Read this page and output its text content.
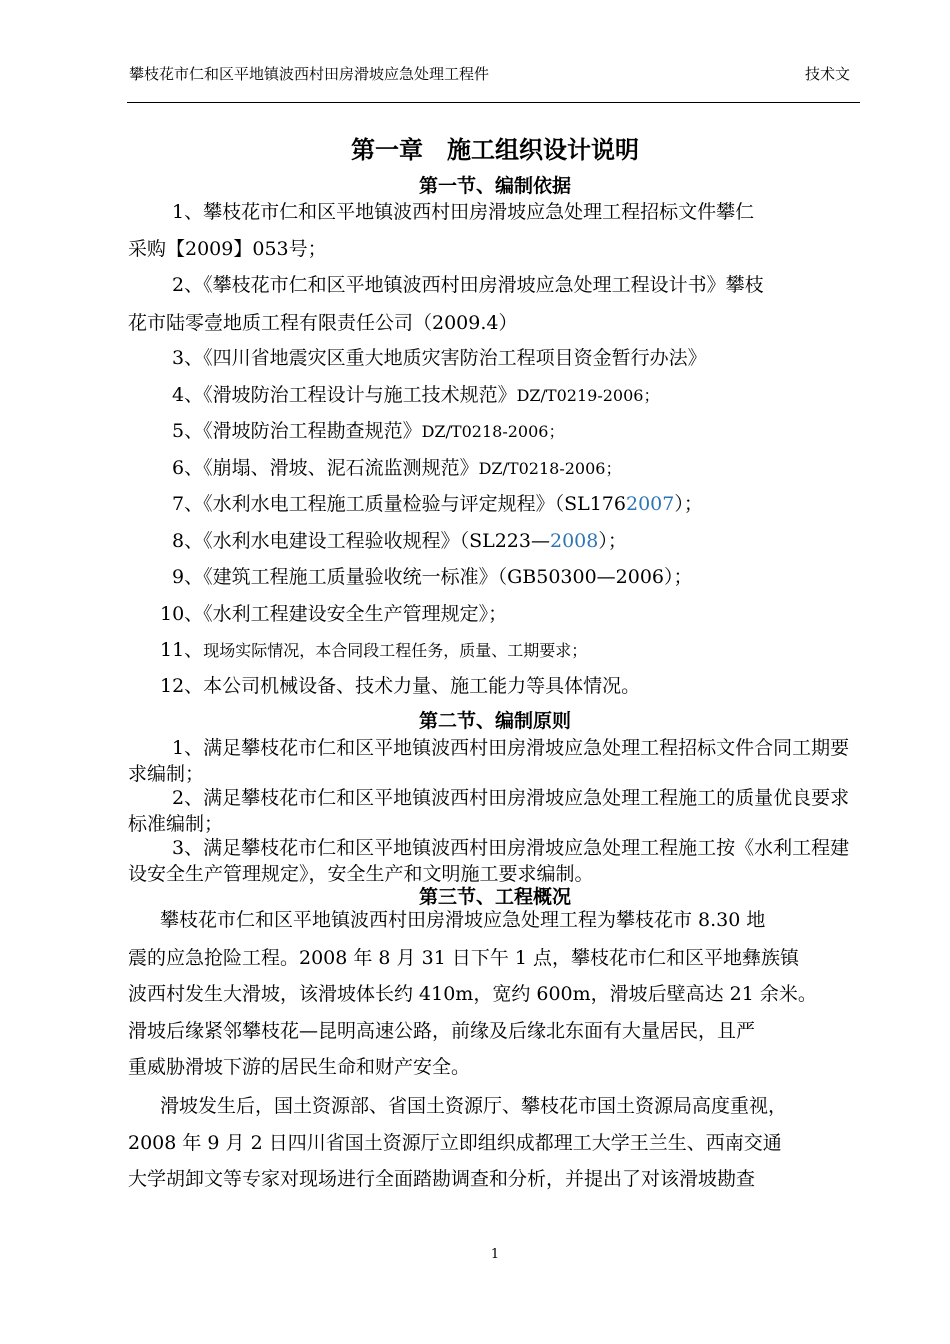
攀枝花市仁和区平地镇波西村田房滑坡应急处理工程件	技术文
第一章　施工组织设计说明
第一节、编制依据
1、攀枝花市仁和区平地镇波西村田房滑坡应急处理工程招标文件攀仁
采购【2009】053号；
2、《攀枝花市仁和区平地镇波西村田房滑坡应急处理工程设计书》攀枝
花市陆零壹地质工程有限责任公司（2009.4）
3、《四川省地震灾区重大地质灾害防治工程项目资金暂行办法》
4、《滑坡防治工程设计与施工技术规范》DZ/T0219-2006；
5、《滑坡防治工程勘查规范》DZ/T0218-2006；
6、《崩塌、滑坡、泥石流监测规范》DZ/T0218-2006；
7、《水利水电工程施工质量检验与评定规程》（SL1762007）；
8、《水利水电建设工程验收规程》（SL223—2008）；
9、《建筑工程施工质量验收统一标准》（GB50300—2006）；
10、《水利工程建设安全生产管理规定》；
11、现场实际情况，本合同段工程任务，质量、工期要求；
12、本公司机械设备、技术力量、施工能力等具体情况。
第二节、编制原则
1、满足攀枝花市仁和区平地镇波西村田房滑坡应急处理工程招标文件合同工期要求编制；
2、满足攀枝花市仁和区平地镇波西村田房滑坡应急处理工程施工的质量优良要求标准编制；
3、满足攀枝花市仁和区平地镇波西村田房滑坡应急处理工程施工按《水利工程建设安全生产管理规定》，安全生产和文明施工要求编制。
第三节、工程概况
攀枝花市仁和区平地镇波西村田房滑坡应急处理工程为攀枝花市 8.30 地
震的应急抢险工程。2008 年 8 月 31 日下午 1 点，攀枝花市仁和区平地彝族镇
波西村发生大滑坡，该滑坡体长约 410m，宽约 600m，滑坡后壁高达 21 余米。
滑坡后缘紧邻攀枝花—昆明高速公路，前缘及后缘北东面有大量居民，且严
重威胁滑坡下游的居民生命和财产安全。
滑坡发生后，国土资源部、省国土资源厅、攀枝花市国土资源局高度重视，
2008 年 9 月 2 日四川省国土资源厅立即组织成都理工大学王兰生、西南交通
大学胡卸文等专家对现场进行全面踏勘调查和分析，并提出了对该滑坡勘查
1
